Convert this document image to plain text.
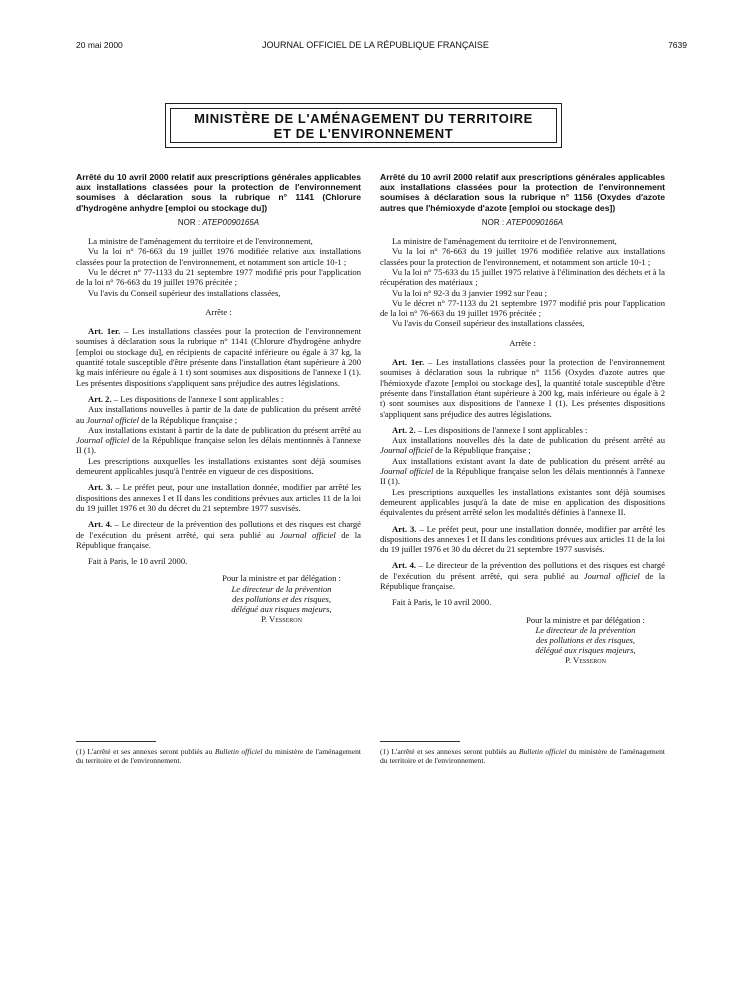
20 mai 2000	JOURNAL OFFICIEL DE LA RÉPUBLIQUE FRANÇAISE	7639
MINISTÈRE DE L'AMÉNAGEMENT DU TERRITOIRE
ET DE L'ENVIRONNEMENT

Arrêté du 10 avril 2000 relatif aux prescriptions générales applicables aux installations classées pour la protection de l'environnement soumises à déclaration sous la rubrique n° 1141 (Chlorure d'hydrogène anhydre [emploi ou stockage du])

NOR : ATEP0090165A

La ministre de l'aménagement du territoire et de l'environnement,

Vu la loi n° 76-663 du 19 juillet 1976 modifiée relative aux installations classées pour la protection de l'environnement, et notamment son article 10-1 ;

Vu le décret n° 77-1133 du 21 septembre 1977 modifié pris pour l'application de la loi n° 76-663 du 19 juillet 1976 précitée ;

Vu l'avis du Conseil supérieur des installations classées,

Arrête :

Art. 1er. – Les installations classées pour la protection de l'environnement soumises à déclaration sous la rubrique n° 1141 (Chlorure d'hydrogène anhydre [emploi ou stockage du], en récipients de capacité inférieure ou égale à 37 kg, la quantité totale susceptible d'être présente dans l'installation étant supérieure à 200 kg mais inférieure ou égale à 1 t) sont soumises aux dispositions de l'annexe I (1). Les présentes dispositions s'appliquent sans préjudice des autres législations.

Art. 2. – Les dispositions de l'annexe I sont applicables :

Aux installations nouvelles à partir de la date de publication du présent arrêté au Journal officiel de la République française ;

Aux installations existant à partir de la date de publication du présent arrêté au Journal officiel de la République française selon les délais mentionnés à l'annexe II (1).

Les prescriptions auxquelles les installations existantes sont déjà soumises demeurent applicables jusqu'à l'entrée en vigueur de ces dispositions.

Art. 3. – Le préfet peut, pour une installation donnée, modifier par arrêté les dispositions des annexes I et II dans les conditions prévues aux articles 11 de la loi du 19 juillet 1976 et 30 du décret du 21 septembre 1977 susvisés.

Art. 4. – Le directeur de la prévention des pollutions et des risques est chargé de l'exécution du présent arrêté, qui sera publié au Journal officiel de la République française.

Fait à Paris, le 10 avril 2000.

Pour la ministre et par délégation :
Le directeur de la prévention
des pollutions et des risques,
délégué aux risques majeurs,
P. Vesseron

Arrêté du 10 avril 2000 relatif aux prescriptions générales applicables aux installations classées pour la protection de l'environnement soumises à déclaration sous la rubrique n° 1156 (Oxydes d'azote autres que l'hémioxyde d'azote [emploi ou stockage des])

NOR : ATEP0090166A

La ministre de l'aménagement du territoire et de l'environnement,

Vu la loi n° 76-663 du 19 juillet 1976 modifiée relative aux installations classées pour la protection de l'environnement, et notamment son article 10-1 ;

Vu la loi n° 75-633 du 15 juillet 1975 relative à l'élimination des déchets et à la récupération des matériaux ;

Vu la loi n° 92-3 du 3 janvier 1992 sur l'eau ;

Vu le décret n° 77-1133 du 21 septembre 1977 modifié pris pour l'application de la loi n° 76-663 du 19 juillet 1976 précitée ;

Vu l'avis du Conseil supérieur des installations classées,

Arrête :

Art. 1er. – Les installations classées pour la protection de l'environnement soumises à déclaration sous la rubrique n° 1156 (Oxydes d'azote autres que l'hémioxyde d'azote [emploi ou stockage des], la quantité totale susceptible d'être présente dans l'installation étant supérieure à 200 kg, mais inférieure ou égale à 2 t) sont soumises aux dispositions de l'annexe I (1). Les présentes dispositions s'appliquent sans préjudice des autres législations.

Art. 2. – Les dispositions de l'annexe I sont applicables :

Aux installations nouvelles dès la date de publication du présent arrêté au Journal officiel de la République française ;

Aux installations existant avant la date de publication du présent arrêté au Journal officiel de la République française selon les délais mentionnés à l'annexe II (1).

Les prescriptions auxquelles les installations existantes sont déjà soumises demeurent applicables jusqu'à la date de mise en application des dispositions équivalentes du présent arrêté selon les modalités définies à l'annexe II.

Art. 3. – Le préfet peut, pour une installation donnée, modifier par arrêté les dispositions des annexes I et II dans les conditions prévues aux articles 11 de la loi du 19 juillet 1976 et 30 du décret du 21 septembre 1977 susvisés.

Art. 4. – Le directeur de la prévention des pollutions et des risques est chargé de l'exécution du présent arrêté, qui sera publié au Journal officiel de la République française.

Fait à Paris, le 10 avril 2000.

Pour la ministre et par délégation :
Le directeur de la prévention
des pollutions et des risques,
délégué aux risques majeurs,
P. Vesseron
(1) L'arrêté et ses annexes seront publiés au Bulletin officiel du ministère de l'aménagement du territoire et de l'environnement.
(1) L'arrêté et ses annexes seront publiés au Bulletin officiel du ministère de l'aménagement du territoire et de l'environnement.
